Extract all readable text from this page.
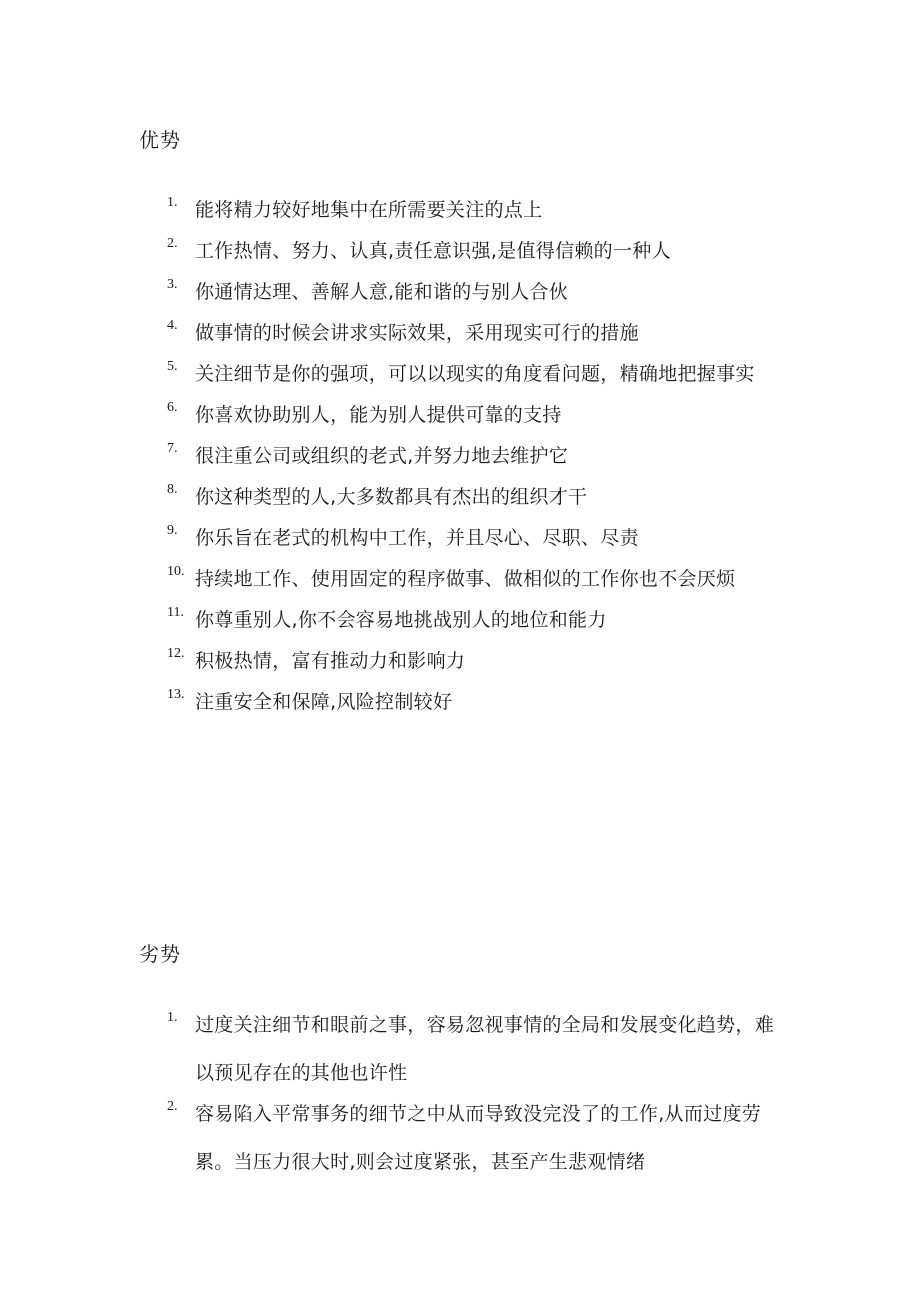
优势
1. 能将精力较好地集中在所需要关注的点上
2. 工作热情、努力、认真,责任意识强,是值得信赖的一种人
3. 你通情达理、善解人意,能和谐的与别人合伙
4. 做事情的时候会讲求实际效果，采用现实可行的措施
5. 关注细节是你的强项，可以以现实的角度看问题，精确地把握事实
6. 你喜欢协助别人，能为别人提供可靠的支持
7. 很注重公司或组织的老式,并努力地去维护它
8. 你这种类型的人,大多数都具有杰出的组织才干
9. 你乐旨在老式的机构中工作，并且尽心、尽职、尽责
10. 持续地工作、使用固定的程序做事、做相似的工作你也不会厌烦
11. 你尊重别人,你不会容易地挑战别人的地位和能力
12. 积极热情，富有推动力和影响力
13. 注重安全和保障,风险控制较好
劣势
1. 过度关注细节和眼前之事，容易忽视事情的全局和发展变化趋势，难以预见存在的其他也许性
2. 容易陷入平常事务的细节之中从而导致没完没了的工作,从而过度劳累。当压力很大时,则会过度紧张，甚至产生悲观情绪
